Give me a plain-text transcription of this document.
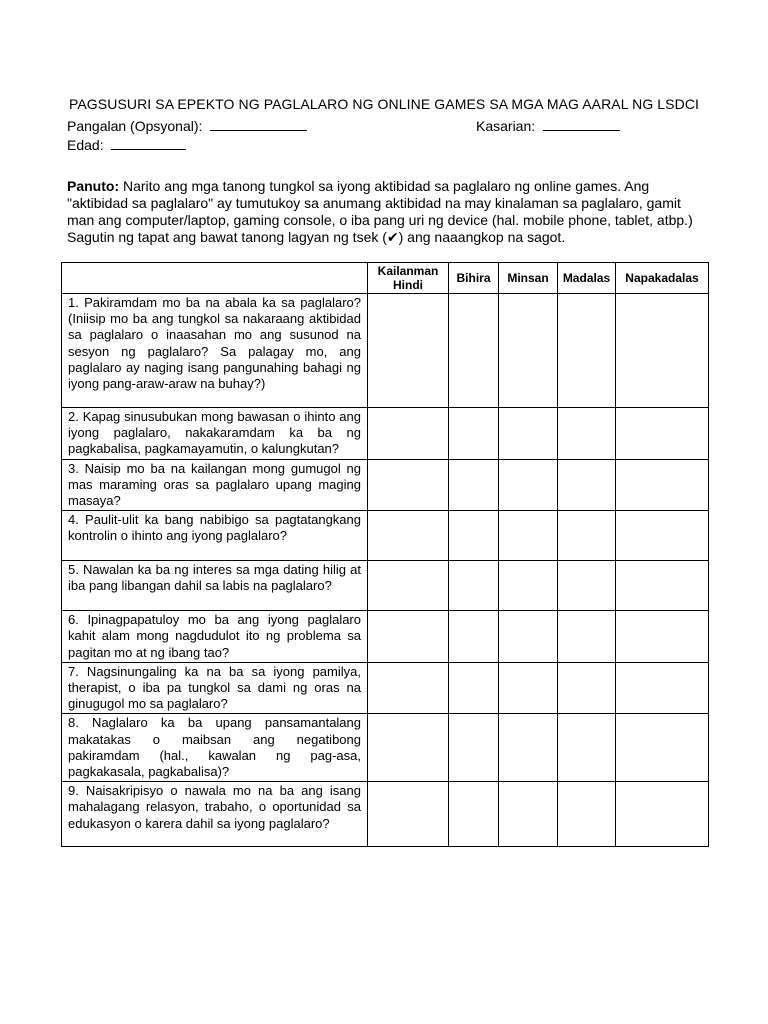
PAGSUSURI SA EPEKTO NG PAGLALARO NG ONLINE GAMES SA MGA MAG AARAL NG LSDCI
Pangalan (Opsyonal):	Kasarian:
Edad:
Panuto: Narito ang mga tanong tungkol sa iyong aktibidad sa paglalaro ng online games. Ang "aktibidad sa paglalaro" ay tumutukoy sa anumang aktibidad na may kinalaman sa paglalaro, gamit man ang computer/laptop, gaming console, o iba pang uri ng device (hal. mobile phone, tablet, atbp.) Sagutin ng tapat ang bawat tanong lagyan ng tsek (✔) ang naaangkop na sagot.
	Kailanman Hindi	Bihira	Minsan	Madalas	Napakadalas
1. Pakiramdam mo ba na abala ka sa paglalaro? (Iniisip mo ba ang tungkol sa nakaraang aktibidad sa paglalaro o inaasahan mo ang susunod na sesyon ng paglalaro? Sa palagay mo, ang paglalaro ay naging isang pangunahing bahagi ng iyong pang-araw-araw na buhay?)					
2. Kapag sinusubukan mong bawasan o ihinto ang iyong paglalaro, nakakaramdam ka ba ng pagkabalisa, pagkamayamutin, o kalungkutan?					
3. Naisip mo ba na kailangan mong gumugol ng mas maraming oras sa paglalaro upang maging masaya?					
4. Paulit-ulit ka bang nabibigo sa pagtatangkang kontrolin o ihinto ang iyong paglalaro?					
5. Nawalan ka ba ng interes sa mga dating hilig at iba pang libangan dahil sa labis na paglalaro?					
6. Ipinagpapatuloy mo ba ang iyong paglalaro kahit alam mong nagdudulot ito ng problema sa pagitan mo at ng ibang tao?					
7. Nagsinungaling ka na ba sa iyong pamilya, therapist, o iba pa tungkol sa dami ng oras na ginugugol mo sa paglalaro?					
8. Naglalaro ka ba upang pansamantalang makatakas o maibsan ang negatibong pakiramdam (hal., kawalan ng pag-asa, pagkakasala, pagkabalisa)?					
9. Naisakripisyo o nawala mo na ba ang isang mahalagang relasyon, trabaho, o oportunidad sa edukasyon o karera dahil sa iyong paglalaro?					
